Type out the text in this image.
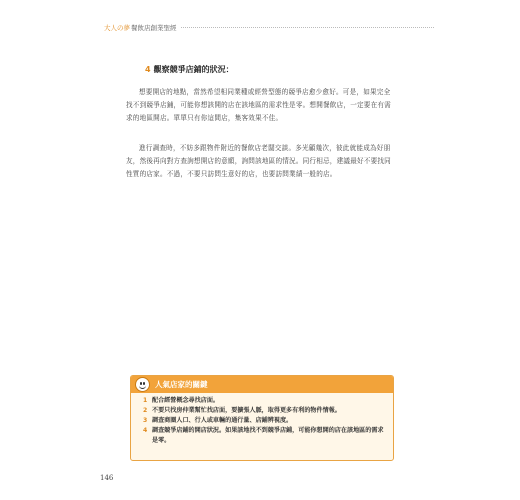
大人の夢 餐飲店創業聖經
4 觀察競爭店鋪的狀況：

想要開店的地點，當然希望相同業種或經營型態的競爭店愈少愈好。可是，如果完全找不到競爭店鋪，可能你想該開的店在該地區的需求性是零。想開餐飲店，一定要在有需求的地區開店。單單只有你這間店，集客效果不佳。

進行調查時，不妨多跟物件附近的餐飲店老闆交談。多光顧幾次，彼此就能成為好朋友，然後再向對方查詢想開店的意願，詢問該地區的情況。同行相忌，建議最好不要找同性質的店家。不過，不要只訪問生意好的店，也要訪問業績一般的店。

人氣店家的關鍵
1 配合經營概念尋找店面。
2 不要只找房仲業幫忙找店面，要擴張人脈，取得更多有利的物件情報。
3 調查商圈人口、行人或車輛的通行量、店鋪辨視度。
4 調查競爭店鋪的開店狀況。如果該地找不到競爭店鋪，可能你想開的店在該地區的需求是零。
146
